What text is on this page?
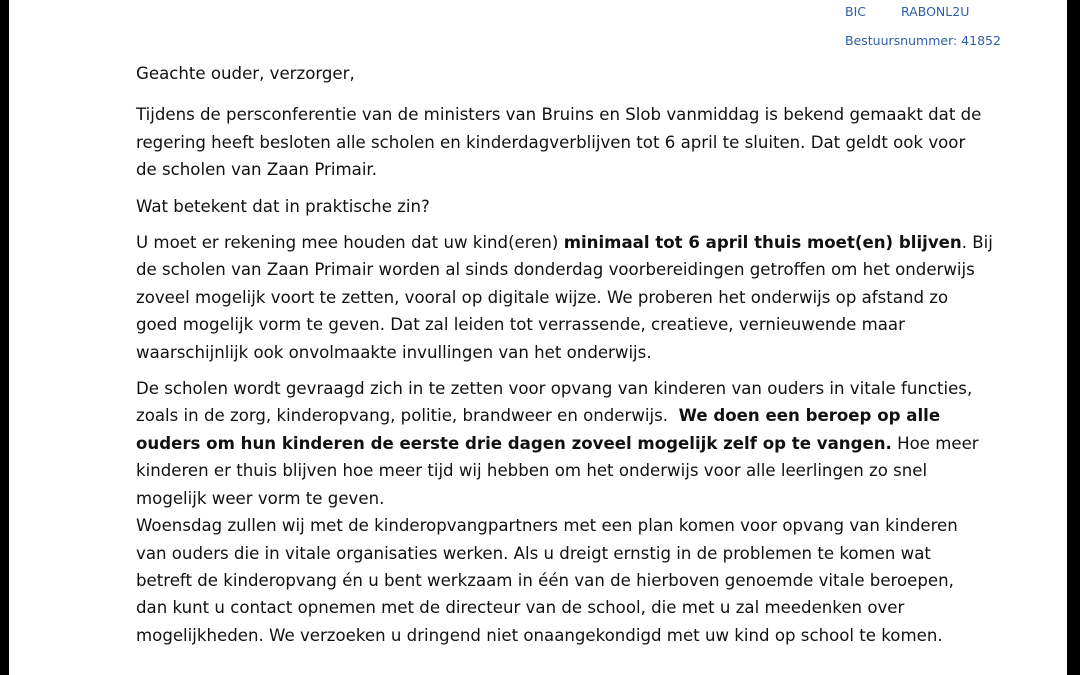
BIC	RABONL2U
Bestuursnummer: 41852

Geachte ouder, verzorger,

Tijdens de persconferentie van de ministers van Bruins en Slob vanmiddag is bekend gemaakt dat de

regering heeft besloten alle scholen en kinderdagverblijven tot 6 april te sluiten. Dat geldt ook voor

de scholen van Zaan Primair.

Wat betekent dat in praktische zin?

U moet er rekening mee houden dat uw kind(eren) minimaal tot 6 april thuis moet(en) blijven. Bij

de scholen van Zaan Primair worden al sinds donderdag voorbereidingen getroffen om het onderwijs

zoveel mogelijk voort te zetten, vooral op digitale wijze. We proberen het onderwijs op afstand zo

goed mogelijk vorm te geven. Dat zal leiden tot verrassende, creatieve, vernieuwende maar

waarschijnlijk ook onvolmaakte invullingen van het onderwijs.

De scholen wordt gevraagd zich in te zetten voor opvang van kinderen van ouders in vitale functies,

zoals in de zorg, kinderopvang, politie, brandweer en onderwijs.  We doen een beroep op alle

ouders om hun kinderen de eerste drie dagen zoveel mogelijk zelf op te vangen. Hoe meer

kinderen er thuis blijven hoe meer tijd wij hebben om het onderwijs voor alle leerlingen zo snel

mogelijk weer vorm te geven.

Woensdag zullen wij met de kinderopvangpartners met een plan komen voor opvang van kinderen

van ouders die in vitale organisaties werken. Als u dreigt ernstig in de problemen te komen wat

betreft de kinderopvang én u bent werkzaam in één van de hierboven genoemde vitale beroepen,

dan kunt u contact opnemen met de directeur van de school, die met u zal meedenken over

mogelijkheden. We verzoeken u dringend niet onaangekondigd met uw kind op school te komen.
